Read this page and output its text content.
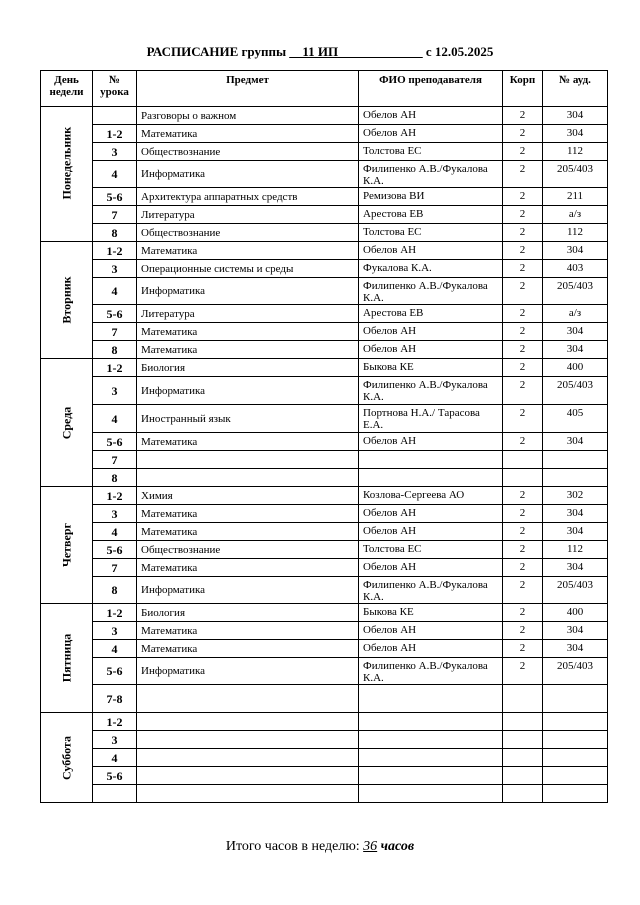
РАСПИСАНИЕ группы __11 ИП_____________ с 12.05.2025
День недели	№ урока	Предмет	ФИО преподавателя	Корп	№ ауд.

Понедельник		Разговоры о важном	Обелов АН	2	304
	1-2	Математика	Обелов АН	2	304
	3	Обществознание	Толстова ЕС	2	112
	4	Информатика	Филипенко А.В./Фукалова К.А.	2	205/403
	5-6	Архитектура аппаратных средств	Ремизова ВИ	2	211
	7	Литература	Арестова ЕВ	2	а/з
	8	Обществознание	Толстова ЕС	2	112

Вторник	1-2	Математика	Обелов АН	2	304
	3	Операционные системы и среды	Фукалова К.А.	2	403
	4	Информатика	Филипенко А.В./Фукалова К.А.	2	205/403
	5-6	Литература	Арестова ЕВ	2	а/з
	7	Математика	Обелов АН	2	304
	8	Математика	Обелов АН	2	304

Среда	1-2	Биология	Быкова КЕ	2	400
	3	Информатика	Филипенко А.В./Фукалова К.А.	2	205/403
	4	Иностранный язык	Портнова Н.А./ Тарасова Е.А.	2	405
	5-6	Математика	Обелов АН	2	304
	7				
	8				

Четверг	1-2	Химия	Козлова-Сергеева АО	2	302
	3	Математика	Обелов АН	2	304
	4	Математика	Обелов АН	2	304
	5-6	Обществознание	Толстова ЕС	2	112
	7	Математика	Обелов АН	2	304
	8	Информатика	Филипенко А.В./Фукалова К.А.	2	205/403

Пятница	1-2	Биология	Быкова КЕ	2	400
	3	Математика	Обелов АН	2	304
	4	Математика	Обелов АН	2	304
	5-6	Информатика	Филипенко А.В./Фукалова К.А.	2	205/403
	7-8				

Суббота	1-2				
	3				
	4				
	5-6				

Итого часов в неделю: 36 часов
